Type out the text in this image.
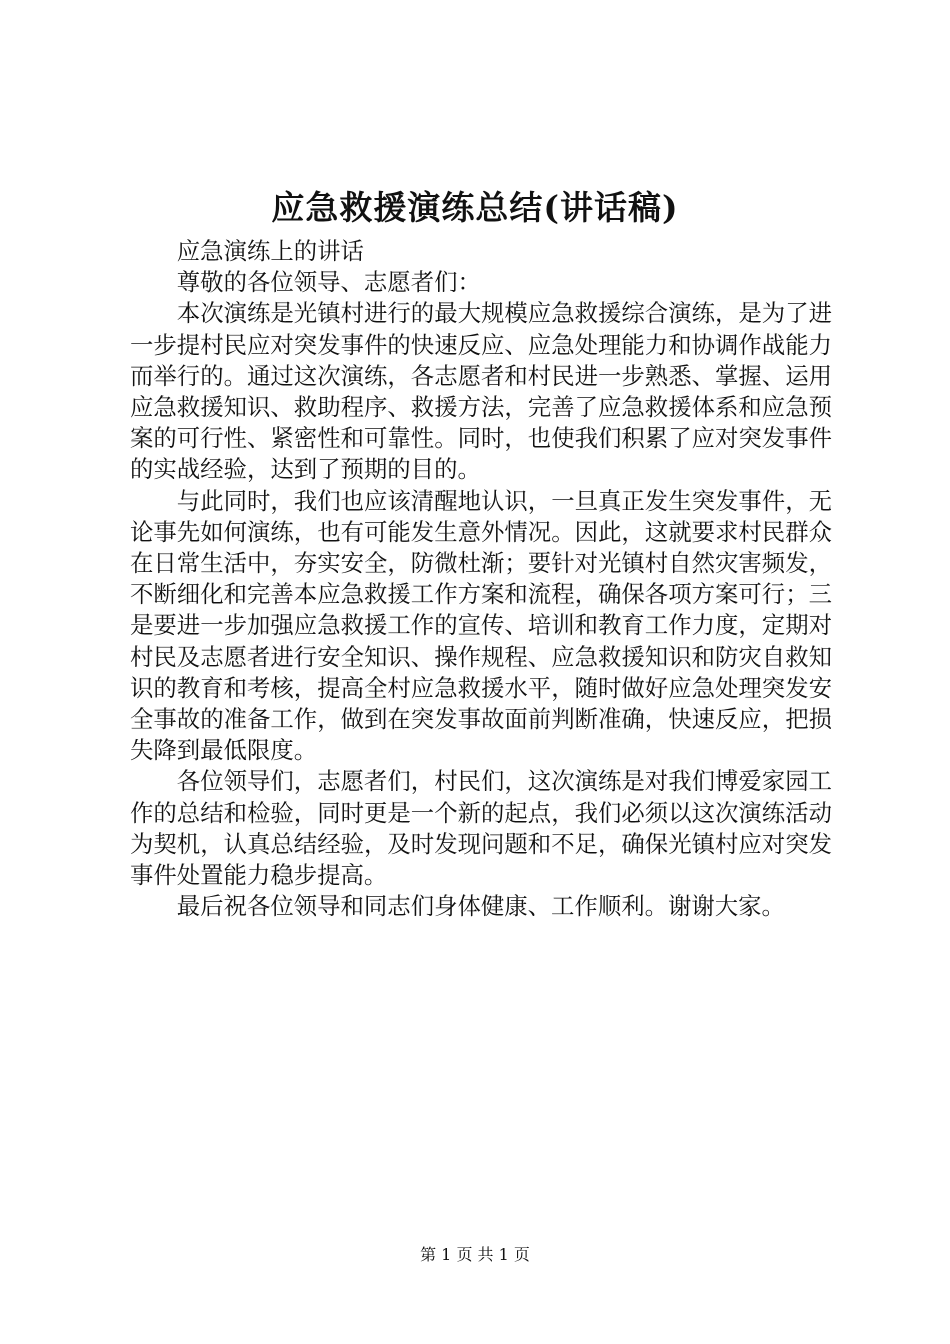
应急救援演练总结(讲话稿)

应急演练上的讲话

尊敬的各位领导、志愿者们：

本次演练是光镇村进行的最大规模应急救援综合演练，是为了进一步提村民应对突发事件的快速反应、应急处理能力和协调作战能力而举行的。通过这次演练，各志愿者和村民进一步熟悉、掌握、运用应急救援知识、救助程序、救援方法，完善了应急救援体系和应急预案的可行性、紧密性和可靠性。同时，也使我们积累了应对突发事件的实战经验，达到了预期的目的。

与此同时，我们也应该清醒地认识，一旦真正发生突发事件，无论事先如何演练，也有可能发生意外情况。因此，这就要求村民群众在日常生活中，夯实安全，防微杜渐；要针对光镇村自然灾害频发，不断细化和完善本应急救援工作方案和流程，确保各项方案可行；三是要进一步加强应急救援工作的宣传、培训和教育工作力度，定期对村民及志愿者进行安全知识、操作规程、应急救援知识和防灾自救知识的教育和考核，提高全村应急救援水平，随时做好应急处理突发安全事故的准备工作，做到在突发事故面前判断准确，快速反应，把损失降到最低限度。

各位领导们，志愿者们，村民们，这次演练是对我们博爱家园工作的总结和检验，同时更是一个新的起点，我们必须以这次演练活动为契机，认真总结经验，及时发现问题和不足，确保光镇村应对突发事件处置能力稳步提高。

最后祝各位领导和同志们身体健康、工作顺利。谢谢大家。

第 1 页 共 1 页
